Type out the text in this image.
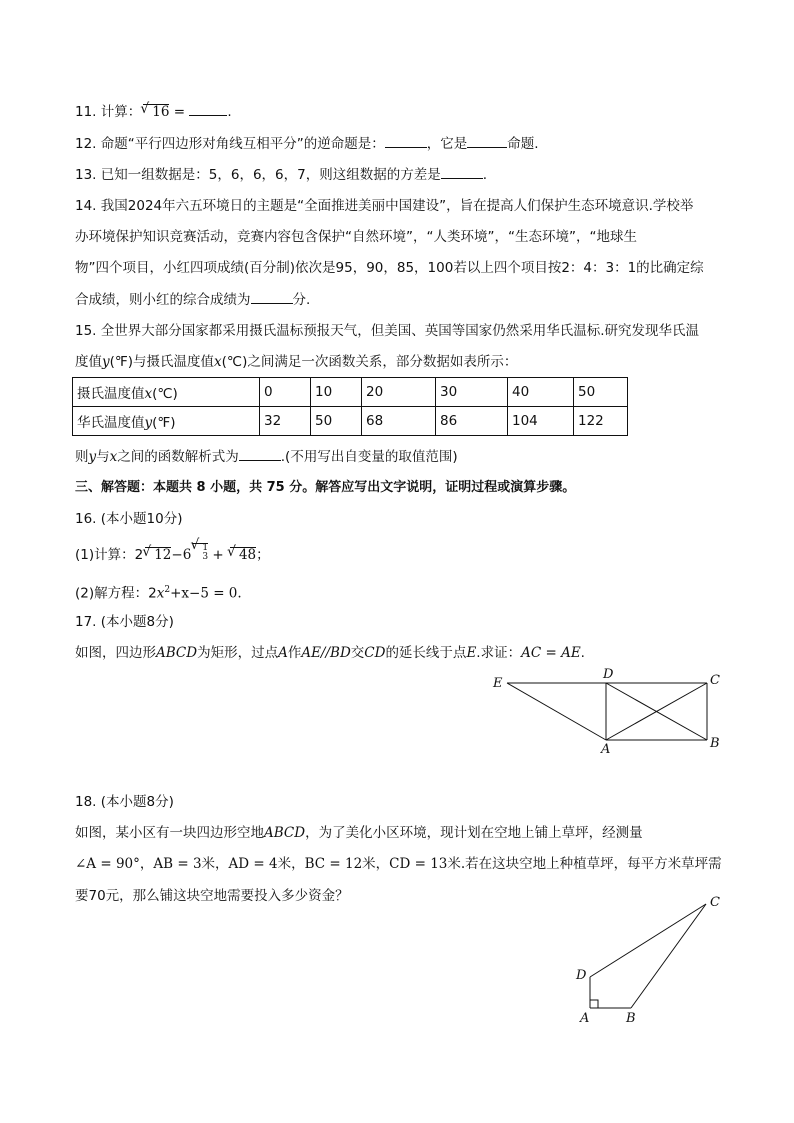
11. 计算： √ 16 =	.
12. 命题“平行四边形对角线互相平分”的逆命题是：	，它是	命题.
13. 已知一组数据是：5，6，6，6，7，则这组数据的方差是	.
14. 我国2024年六五环境日的主题是“全面推进美丽中国建设”，旨在提高人们保护生态环境意识.学校举
办环境保护知识竞赛活动，竞赛内容包含保护“自然环境”，“人类环境”，“生态环境”，“地球生
物”四个项目，小红四项成绩(百分制)依次是95，90，85，100若以上四个项目按2：4：3：1的比确定综
合成绩，则小红的综合成绩为	分.
15. 全世界大部分国家都采用摄氏温标预报天气，但美国、英国等国家仍然采用华氏温标.研究发现华氏温
度值y(℉)与摄氏温度值x(℃)之间满足一次函数关系，部分数据如表所示：
摄氏温度值x(℃)	0	10	20	30	40	50
华氏温度值y(℉)	32	50	68	86	104	122
则y与x之间的函数解析式为	.(不用写出自变量的取值范围)
三、解答题：本题共 8 小题，共 75 分。解答应写出文字说明，证明过程或演算步骤。
16. (本小题10分)
(1)计算：2 √ 12−6 √ 1
3 + √ 48；
(2)解方程：$2x^2+x-5 = 0$.
17. (本小题8分)
如图，四边形ABCD为矩形，过点A作AE//BD交CD的延长线于点E.求证：AC = AE.
E
D	C
A	B
18. (本小题8分)
如图，某小区有一块四边形空地ABCD，为了美化小区环境，现计划在空地上铺上草坪，经测量
∠A = 90°，AB = 3米，AD = 4米，BC = 12米，CD = 13米.若在这块空地上种植草坪，每平方米草坪需
要70元，那么铺这块空地需要投入多少资金？	C
D
A	B
